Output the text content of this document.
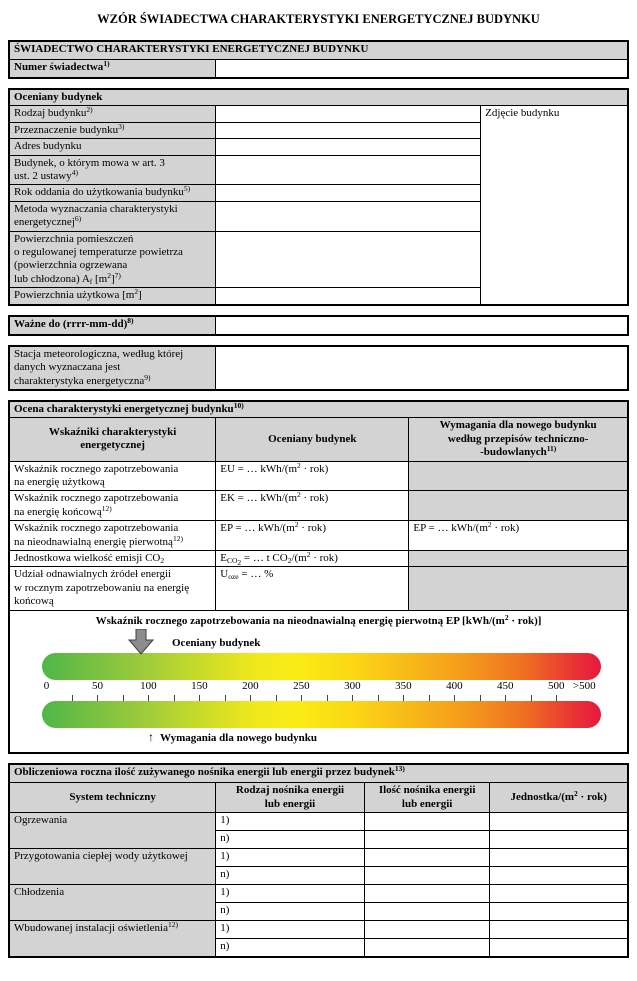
WZÓR ŚWIADECTWA CHARAKTERYSTYKI ENERGETYCZNEJ BUDYNKU
ŚWIADECTWO CHARAKTERYSTYKI ENERGETYCZNEJ BUDYNKU
Numer świadectwa$^{1)}$	
Oceniany budynek		
Rodzaj budynku$^{2)}$		Zdjęcie budynku
Przeznaczenie budynku$^{3)}$	
Adres budynku		
Budynek, o którym mowa w art. 3
ust. 2 ustawy$^{4)}$	
Rok oddania do użytkowania budynku$^{5)}$	
Metoda wyznaczania charakterystyki
energetycznej$^{6)}$	
Powierzchnia pomieszczeń
o regulowanej temperaturze powietrza
(powierzchnia ogrzewana
lub chłodzona) $A_f$ $[m^2]^{7)}$	
Powierzchnia użytkowa $[m^2]$		
Ważne do (rrrr-mm-dd)$^{8)}$	
Stacja meteorologiczna, według której
danych wyznaczana jest
charakterystyka energetyczna$^{9)}$	
Ocena charakterystyki energetycznej budynku$^{10)}$
Wskaźniki charakterystyki
energetycznej	Oceniany budynek	Wymagania dla nowego budynku
według przepisów techniczno-
-budowlanych$^{11)}$
Wskaźnik rocznego zapotrzebowania
na energię użytkową	EU = … kWh/$(m^2 \cdot rok)$	
Wskaźnik rocznego zapotrzebowania
na energię końcową$^{12)}$	EK = … kWh/$(m^2 \cdot rok)$	
Wskaźnik rocznego zapotrzebowania
na nieodnawialną energię pierwotną$^{12)}$	EP = … kWh/$(m^2 \cdot rok)$	EP = … kWh/$(m^2 \cdot rok)$
Jednostkowa wielkość emisji $CO_2$	$E_{CO_2}$ = … t $CO_2/(m^2 \cdot rok)$	
Udział odnawialnych źródeł energii
w rocznym zapotrzebowaniu na energię
końcową	$U_{oze}$ = … %	

Wskaźnik rocznego zapotrzebowania na nieodnawialną energię pierwotną EP $[kWh/(m^2 \cdot rok)]$
Oceniany budynek
0	50	100	150	200	250	300	350	400	450	500 >500
↑ Wymagania dla nowego budynku
Obliczeniowa roczna ilość zużywanego nośnika energii lub energii przez budynek$^{13)}$
System techniczny	Rodzaj nośnika energii
lub energii	Ilość nośnika energii
lub energii	Jednostka/$(m^2 \cdot rok)$
Ogrzewania	1)		
	n)		
Przygotowania ciepłej wody użytkowej	1)		
	n)		
Chłodzenia	1)		
	n)		
Wbudowanej instalacji oświetlenia$^{12)}$	1)		
	n)		
